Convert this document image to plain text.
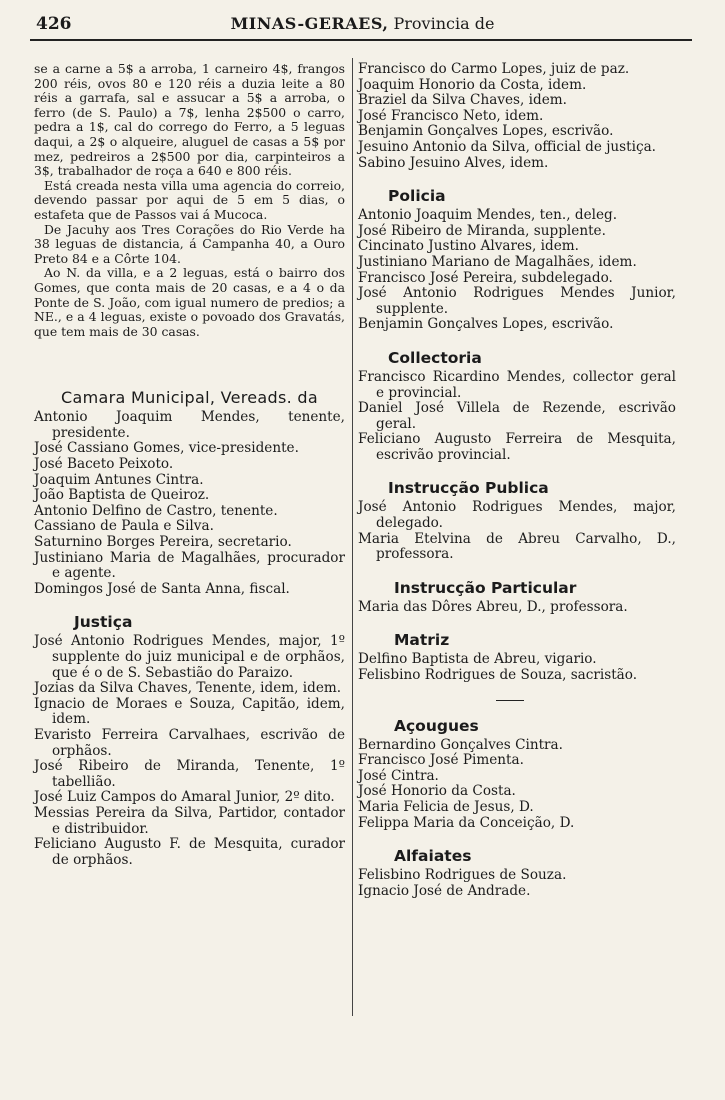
426	MINAS-GERAES, Provincia de

se a carne a 5$ a arroba, 1 carneiro 4$, frangos 200 réis, ovos 80 e 120 réis a duzia leite a 80 réis a garrafa, sal e assucar a 5$ a arroba, o ferro (de S. Paulo) a 7$, lenha 2$500 o carro, pedra a 1$, cal do corrego do Ferro, a 5 leguas daqui, a 2$ o alqueire, aluguel de casas a 5$ por mez, pedreiros a 2$500 por dia, carpinteiros a 3$, trabalhador de roça a 640 e 800 réis.

Está creada nesta villa uma agencia do correio, devendo passar por aqui de 5 em 5 dias, o estafeta que de Passos vai á Mucoca.

De Jacuhy aos Tres Corações do Rio Verde ha 38 leguas de distancia, á Campanha 40, a Ouro Preto 84 e a Côrte 104.

Ao N. da villa, e a 2 leguas, está o bairro dos Gomes, que conta mais de 20 casas, e a 4 o da Ponte de S. João, com igual numero de predios; a NE., e a 4 leguas, existe o povoado dos Gravatás, que tem mais de 30 casas.

Camara Municipal, Vereads. da

Antonio Joaquim Mendes, tenente, presidente.

José Cassiano Gomes, vice-presidente.

José Baceto Peixoto.

Joaquim Antunes Cintra.

João Baptista de Queiroz.

Antonio Delfino de Castro, tenente.

Cassiano de Paula e Silva.

Saturnino Borges Pereira, secretario.

Justiniano Maria de Magalhães, procurador e agente.

Domingos José de Santa Anna, fiscal.

Justiça

José Antonio Rodrigues Mendes, major, 1º supplente do juiz municipal e de orphãos, que é o de S. Sebastião do Paraizo.

Jozias da Silva Chaves, Tenente, idem, idem.

Ignacio de Moraes e Souza, Capitão, idem, idem.

Evaristo Ferreira Carvalhaes, escrivão de orphãos.

José Ribeiro de Miranda, Tenente, 1º tabellião.

José Luiz Campos do Amaral Junior, 2º dito.

Messias Pereira da Silva, Partidor, contador e distribuidor.

Feliciano Augusto F. de Mesquita, curador de orphãos.

Francisco do Carmo Lopes, juiz de paz.

Joaquim Honorio da Costa, idem.

Braziel da Silva Chaves, idem.

José Francisco Neto, idem.

Benjamin Gonçalves Lopes, escrivão.

Jesuino Antonio da Silva, official de justiça.

Sabino Jesuino Alves, idem.

Policia

Antonio Joaquim Mendes, ten., deleg.

José Ribeiro de Miranda, supplente.

Cincinato Justino Alvares, idem.

Justiniano Mariano de Magalhães, idem.

Francisco José Pereira, subdelegado.

José Antonio Rodrigues Mendes Junior, supplente.

Benjamin Gonçalves Lopes, escrivão.

Collectoria

Francisco Ricardino Mendes, collector geral e provincial.

Daniel José Villela de Rezende, escrivão geral.

Feliciano Augusto Ferreira de Mesquita, escrivão provincial.

Instrucção Publica

José Antonio Rodrigues Mendes, major, delegado.

Maria Etelvina de Abreu Carvalho, D., professora.

Instrucção Particular

Maria das Dôres Abreu, D., professora.

Matriz

Delfino Baptista de Abreu, vigario.

Felisbino Rodrigues de Souza, sacristão.

Açougues

Bernardino Gonçalves Cintra.

Francisco José Pimenta.

José Cintra.

José Honorio da Costa.

Maria Felicia de Jesus, D.

Felippa Maria da Conceição, D.

Alfaiates

Felisbino Rodrigues de Souza.

Ignacio José de Andrade.
